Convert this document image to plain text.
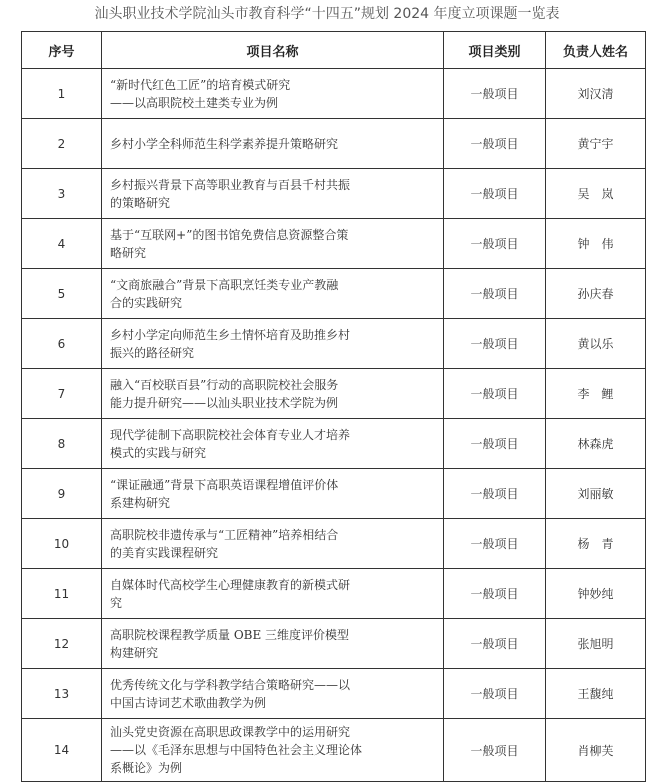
汕头职业技术学院汕头市教育科学“十四五”规划 2024 年度立项课题一览表
序号	项目名称	项目类别	负责人姓名
1	“新时代红色工匠”的培育模式研究
——以高职院校土建类专业为例	一般项目	刘汉清
2	乡村小学全科师范生科学素养提升策略研究	一般项目	黄宁宇
3	乡村振兴背景下高等职业教育与百县千村共振
的策略研究	一般项目	吴　岚
4	基于“互联网+”的图书馆免费信息资源整合策
略研究	一般项目	钟　伟
5	“文商旅融合”背景下高职烹饪类专业产教融
合的实践研究	一般项目	孙庆春
6	乡村小学定向师范生乡土情怀培育及助推乡村
振兴的路径研究	一般项目	黄以乐
7	融入“百校联百县”行动的高职院校社会服务
能力提升研究——以汕头职业技术学院为例	一般项目	李　鲤
8	现代学徒制下高职院校社会体育专业人才培养
模式的实践与研究	一般项目	林森虎
9	“课证融通”背景下高职英语课程增值评价体
系建构研究	一般项目	刘丽敏
10	高职院校非遗传承与“工匠精神”培养相结合
的美育实践课程研究	一般项目	杨　青
11	自媒体时代高校学生心理健康教育的新模式研
究	一般项目	钟妙纯
12	高职院校课程教学质量 OBE 三维度评价模型
构建研究	一般项目	张旭明
13	优秀传统文化与学科教学结合策略研究——以
中国古诗词艺术歌曲教学为例	一般项目	王馥纯
14	汕头党史资源在高职思政课教学中的运用研究
——以《毛泽东思想与中国特色社会主义理论体
系概论》为例	一般项目	肖柳芙
